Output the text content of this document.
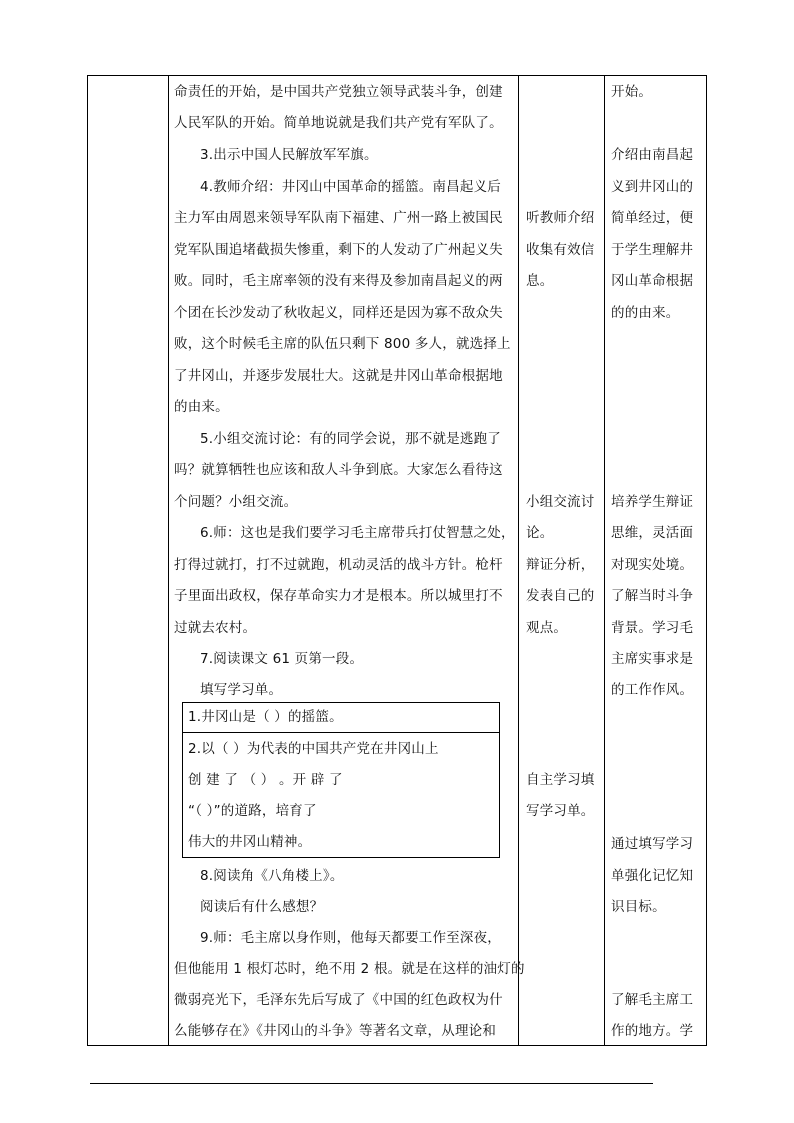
命责任的开始，是中国共产党独立领导武装斗争，创建
人民军队的开始。简单地说就是我们共产党有军队了。
3.出示中国人民解放军军旗。
4.教师介绍：井冈山中国革命的摇篮。南昌起义后
主力军由周恩来领导军队南下福建、广州一路上被国民
党军队围追堵截损失惨重，剩下的人发动了广州起义失
败。同时，毛主席率领的没有来得及参加南昌起义的两
个团在长沙发动了秋收起义，同样还是因为寡不敌众失
败，这个时候毛主席的队伍只剩下 800 多人，就选择上
了井冈山，并逐步发展壮大。这就是井冈山革命根据地
的由来。
5.小组交流讨论：有的同学会说，那不就是逃跑了
吗？就算牺牲也应该和敌人斗争到底。大家怎么看待这
个问题？小组交流。
6.师：这也是我们要学习毛主席带兵打仗智慧之处，
打得过就打，打不过就跑，机动灵活的战斗方针。枪杆
子里面出政权，保存革命实力才是根本。所以城里打不
过就去农村。
7.阅读课文 61 页第一段。
填写学习单。
1.井冈山是（ ）的摇篮。
2.以（ ）为代表的中国共产党在井冈山上
创 建 了 （ ） 。开 辟 了
“（ ）”的道路，培育了
伟大的井冈山精神。
8.阅读角《八角楼上》。
阅读后有什么感想？
9.师：毛主席以身作则，他每天都要工作至深夜，
但他能用 1 根灯芯时，绝不用 2 根。就是在这样的油灯的
微弱亮光下，毛泽东先后写成了《中国的红色政权为什
么能够存在》《井冈山的斗争》等著名文章，从理论和
听教师介绍
收集有效信
息。
小组交流讨
论。
辩证分析，
发表自己的
观点。
自主学习填
写学习单。
开始。
介绍由南昌起
义到井冈山的
简单经过，便
于学生理解井
冈山革命根据
的的由来。
培养学生辩证
思维，灵活面
对现实处境。
了解当时斗争
背景。学习毛
主席实事求是
的工作作风。
通过填写学习
单强化记忆知
识目标。
了解毛主席工
作的地方。学
